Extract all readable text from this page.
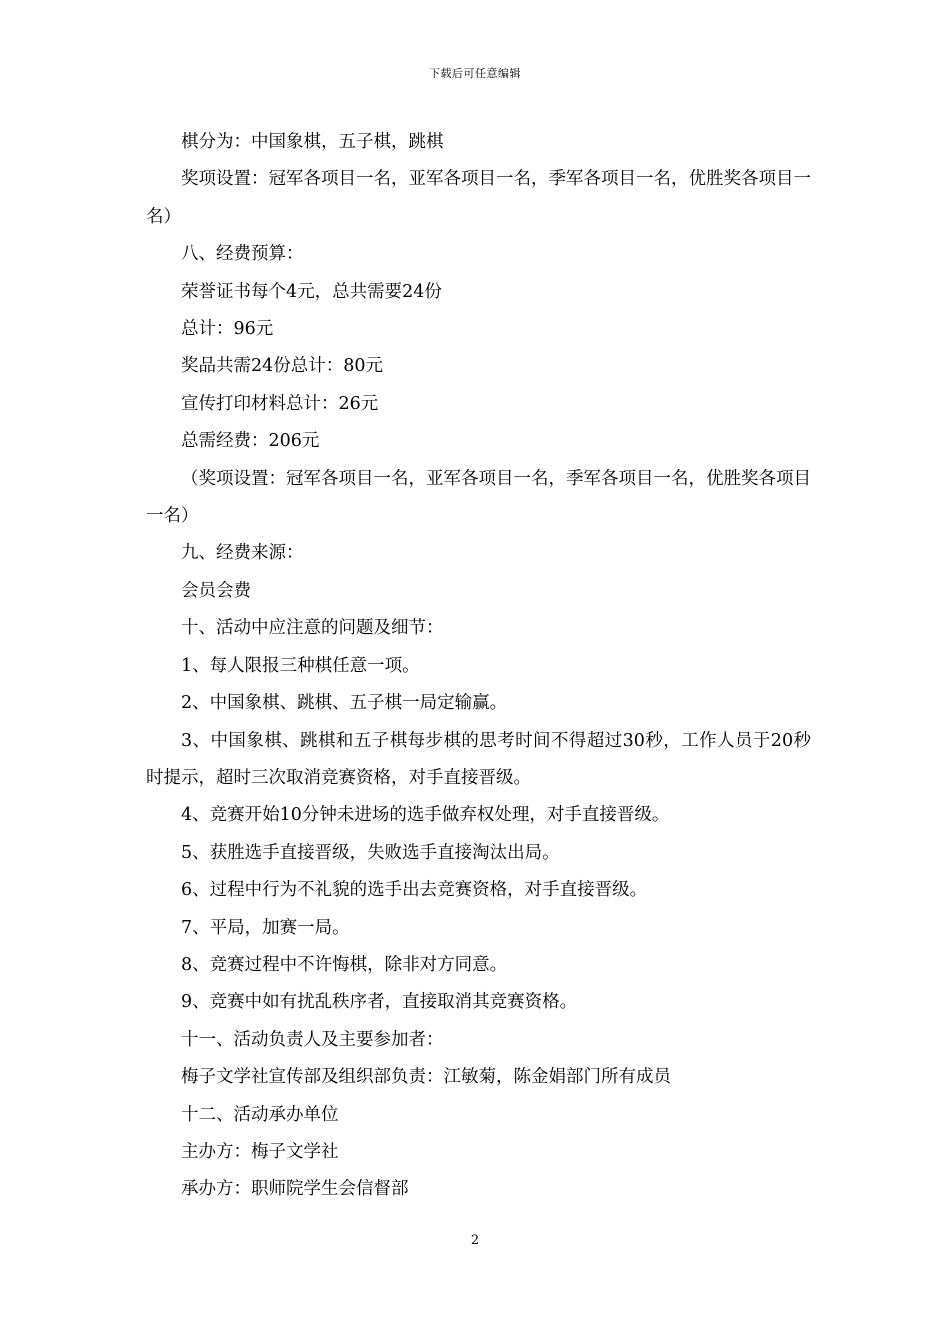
下载后可任意编辑

棋分为：中国象棋，五子棋，跳棋

奖项设置：冠军各项目一名，亚军各项目一名，季军各项目一名，优胜奖各项目一名）

八、经费预算：

荣誉证书每个4元，总共需要24份

总计：96元

奖品共需24份总计：80元

宣传打印材料总计：26元

总需经费：206元

（奖项设置：冠军各项目一名，亚军各项目一名，季军各项目一名，优胜奖各项目一名）

九、经费来源：

会员会费

十、活动中应注意的问题及细节：

1、每人限报三种棋任意一项。

2、中国象棋、跳棋、五子棋一局定输赢。

3、中国象棋、跳棋和五子棋每步棋的思考时间不得超过30秒，工作人员于20秒时提示，超时三次取消竞赛资格，对手直接晋级。

4、竞赛开始10分钟未进场的选手做弃权处理，对手直接晋级。

5、获胜选手直接晋级，失败选手直接淘汰出局。

6、过程中行为不礼貌的选手出去竞赛资格，对手直接晋级。

7、平局，加赛一局。

8、竞赛过程中不许悔棋，除非对方同意。

9、竞赛中如有扰乱秩序者，直接取消其竞赛资格。

十一、活动负责人及主要参加者：

梅子文学社宣传部及组织部负责：江敏菊，陈金娟部门所有成员

十二、活动承办单位

主办方：梅子文学社

承办方：职师院学生会信督部

2
